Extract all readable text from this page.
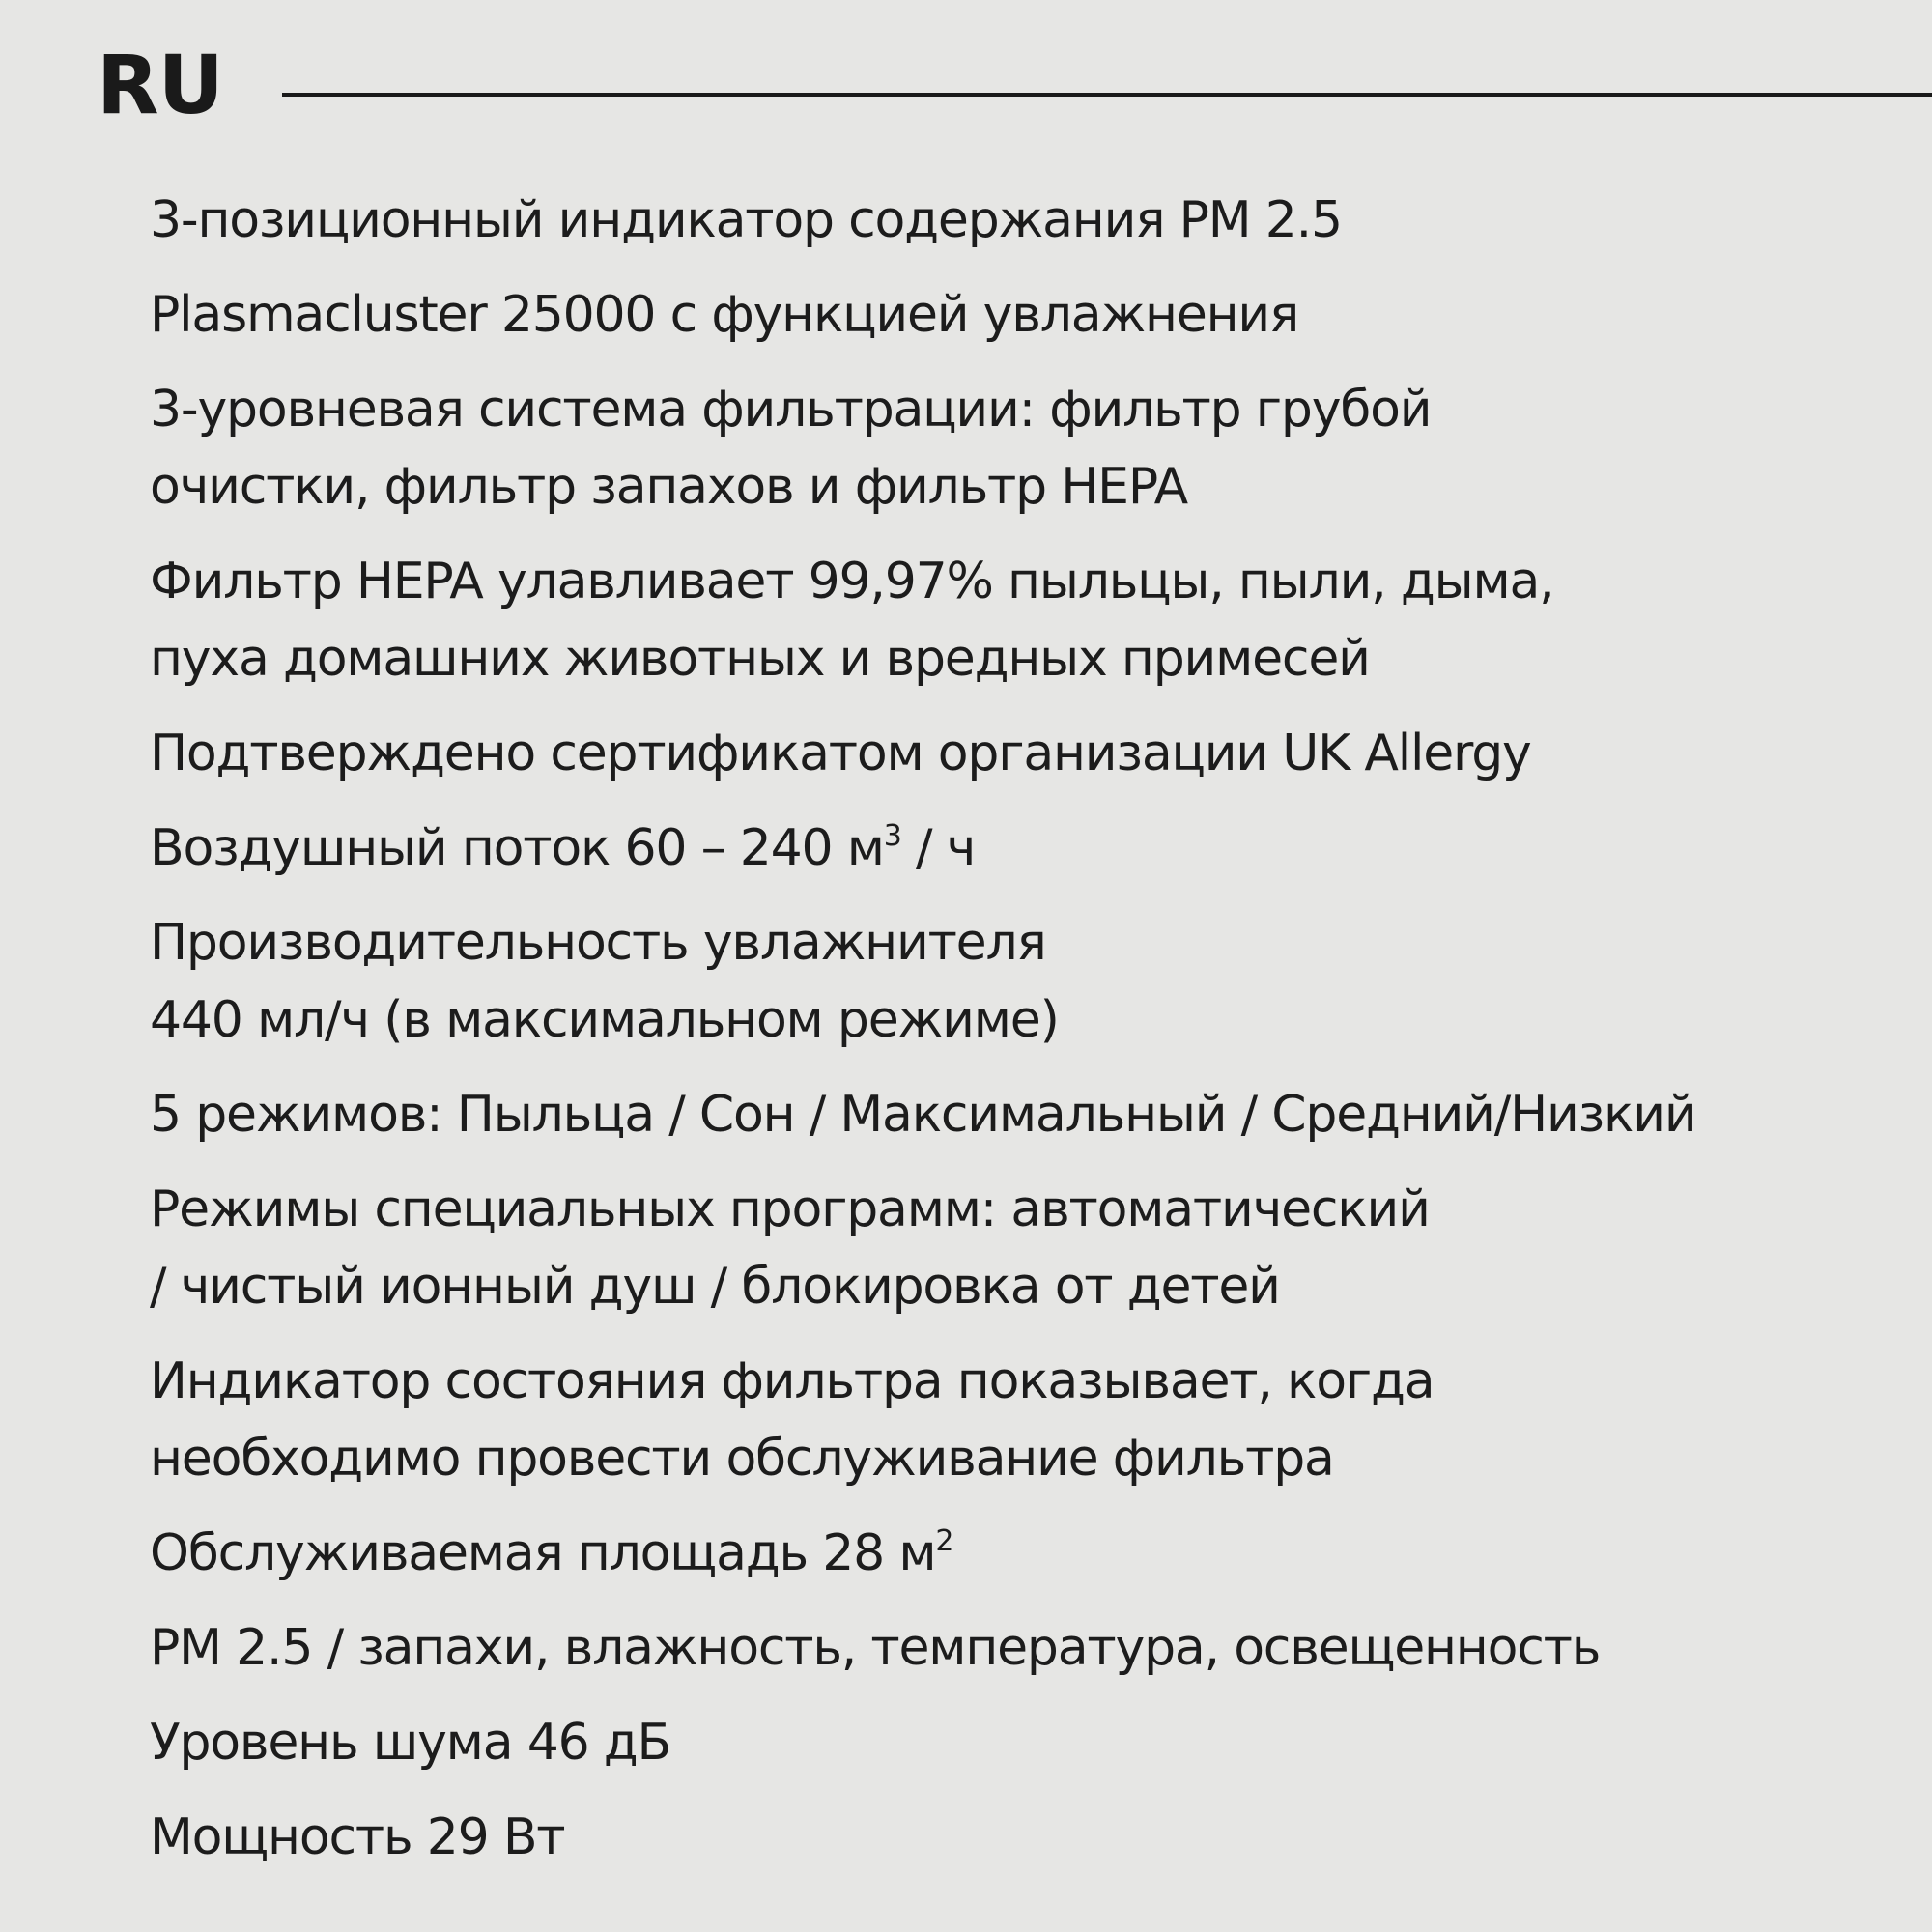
RU
3-позиционный индикатор содержания PM 2.5
Plasmacluster 25000 с функцией увлажнения
3-уровневая система фильтрации: фильтр грубой
очистки, фильтр запахов и фильтр HEPA
Фильтр HEPA улавливает 99,97% пыльцы, пыли, дыма,
пуха домашних животных и вредных примесей
Подтверждено сертификатом организации UK Allergy
Воздушный поток 60 – 240 $м^3$ / ч
Производительность увлажнителя
440 мл/ч (в максимальном режиме)
5 режимов: Пыльца / Сон / Максимальный / Средний/Низкий
Режимы специальных программ: автоматический
/ чистый ионный душ / блокировка от детей
Индикатор состояния фильтра показывает, когда
необходимо провести обслуживание фильтра
Обслуживаемая площадь 28 $м^2$
PM 2.5 / запахи, влажность, температура, освещенность
Уровень шума 46 дБ
Мощность 29 Вт
